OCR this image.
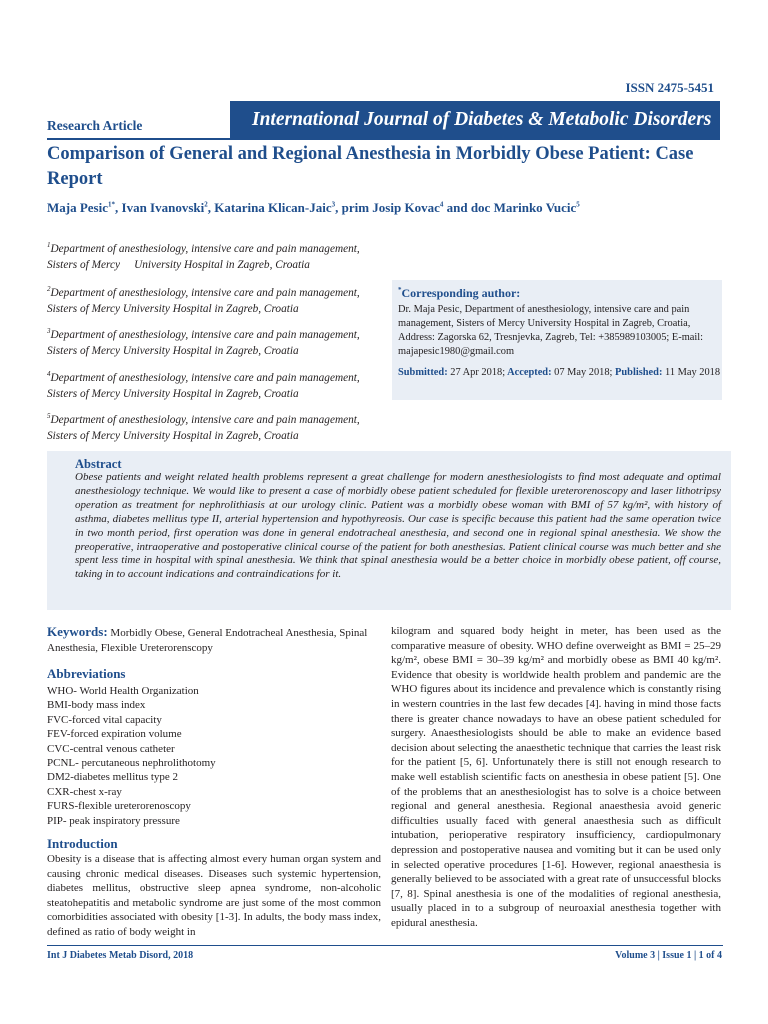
ISSN 2475-5451
Research Article	International Journal of Diabetes & Metabolic Disorders
Comparison of General and Regional Anesthesia in Morbidly Obese Patient: Case Report
Maja Pesic$^{1*}$, Ivan Ivanovski$^2$, Katarina Klican-Jaic$^3$, prim Josip Kovac$^4$ and doc Marinko Vucic$^5$
$^1$Department of anesthesiology, intensive care and pain management,
Sisters of Mercy     University Hospital in Zagreb, Croatia
$^2$Department of anesthesiology, intensive care and pain management,
Sisters of Mercy University Hospital in Zagreb, Croatia
$^3$Department of anesthesiology, intensive care and pain management,
Sisters of Mercy University Hospital in Zagreb, Croatia
$^4$Department of anesthesiology, intensive care and pain management,
Sisters of Mercy University Hospital in Zagreb, Croatia
$^5$Department of anesthesiology, intensive care and pain management,
Sisters of Mercy University Hospital in Zagreb, Croatia
*Corresponding author:
Dr. Maja Pesic, Department of anesthesiology, intensive care and pain management, Sisters of Mercy University Hospital in Zagreb, Croatia, Address: Zagorska 62, Tresnjevka, Zagreb, Tel: +385989103005; E-mail: majapesic1980@gmail.com
Submitted: 27 Apr 2018; Accepted: 07 May 2018; Published: 11 May 2018
Abstract
Obese patients and weight related health problems represent a great challenge for modern anesthesiologists to find most adequate and optimal anesthesiology technique. We would like to present a case of morbidly obese patient scheduled for flexible ureterorenoscopy and laser lithotripsy operation as treatment for nephrolithiasis at our urology clinic. Patient was a morbidly obese woman with BMI of 57 kg/m², with history of asthma, diabetes mellitus type II, arterial hypertension and hypothyreosis. Our case is specific because this patient had the same operation twice in two month period, first operation was done in general endotracheal anesthesia, and second one in regional spinal anesthesia. We show the preoperative, intraoperative and postoperative clinical course of the patient for both anesthesias. Patient clinical course was much better and she spent less time in hospital with spinal anesthesia. We think that spinal anesthesia would be a better choice in morbidly obese patient, off course, taking in to account indications and contraindications for it.
Keywords: Morbidly Obese, General Endotracheal Anesthesia, Spinal Anesthesia, Flexible Ureterorenscopy
Abbreviations
WHO- World Health Organization
BMI-body mass index
FVC-forced vital capacity
FEV-forced expiration volume
CVC-central venous catheter
PCNL- percutaneous nephrolithotomy
DM2-diabetes mellitus type 2
CXR-chest x-ray
FURS-flexible ureterorenoscopy
PIP- peak inspiratory pressure
Introduction
Obesity is a disease that is affecting almost every human organ system and causing chronic medical diseases. Diseases such systemic hypertension, diabetes mellitus, obstructive sleep apnea syndrome, non-alcoholic steatohepatitis and metabolic syndrome are just some of the most common comorbidities associated with obesity [1-3]. In adults, the body mass index, defined as ratio of body weight in
kilogram and squared body height in meter, has been used as the comparative measure of obesity. WHO define overweight as BMI = 25–29 kg/m², obese BMI = 30–39 kg/m² and morbidly obese as BMI 40 kg/m². Evidence that obesity is worldwide health problem and pandemic are the WHO figures about its incidence and prevalence which is constantly rising in western countries in the last few decades [4]. having in mind those facts there is greater chance nowadays to have an obese patient scheduled for surgery. Anaesthesiologists should be able to make an evidence based decision about selecting the anaesthetic technique that carries the least risk for the patient [5, 6]. Unfortunately there is still not enough research to make well establish scientific facts on anesthesia in obese patient [5]. One of the problems that an anesthesiologist has to solve is a choice between regional and general anesthesia. Regional anaesthesia avoid generic difficulties usually faced with general anaesthesia such as difficult intubation, perioperative respiratory insufficiency, cardiopulmonary depression and postoperative nausea and vomiting but it can be used only in selected operative procedures [1-6]. However, regional anaesthesia is generally believed to be associated with a great rate of unsuccessful blocks [7, 8]. Spinal anesthesia is one of the modalities of regional anesthesia, usually placed in to a subgroup of neuroaxial anesthesia together with epidural anesthesia.
Int J Diabetes Metab Disord, 2018	Volume 3 | Issue 1 | 1 of 4
